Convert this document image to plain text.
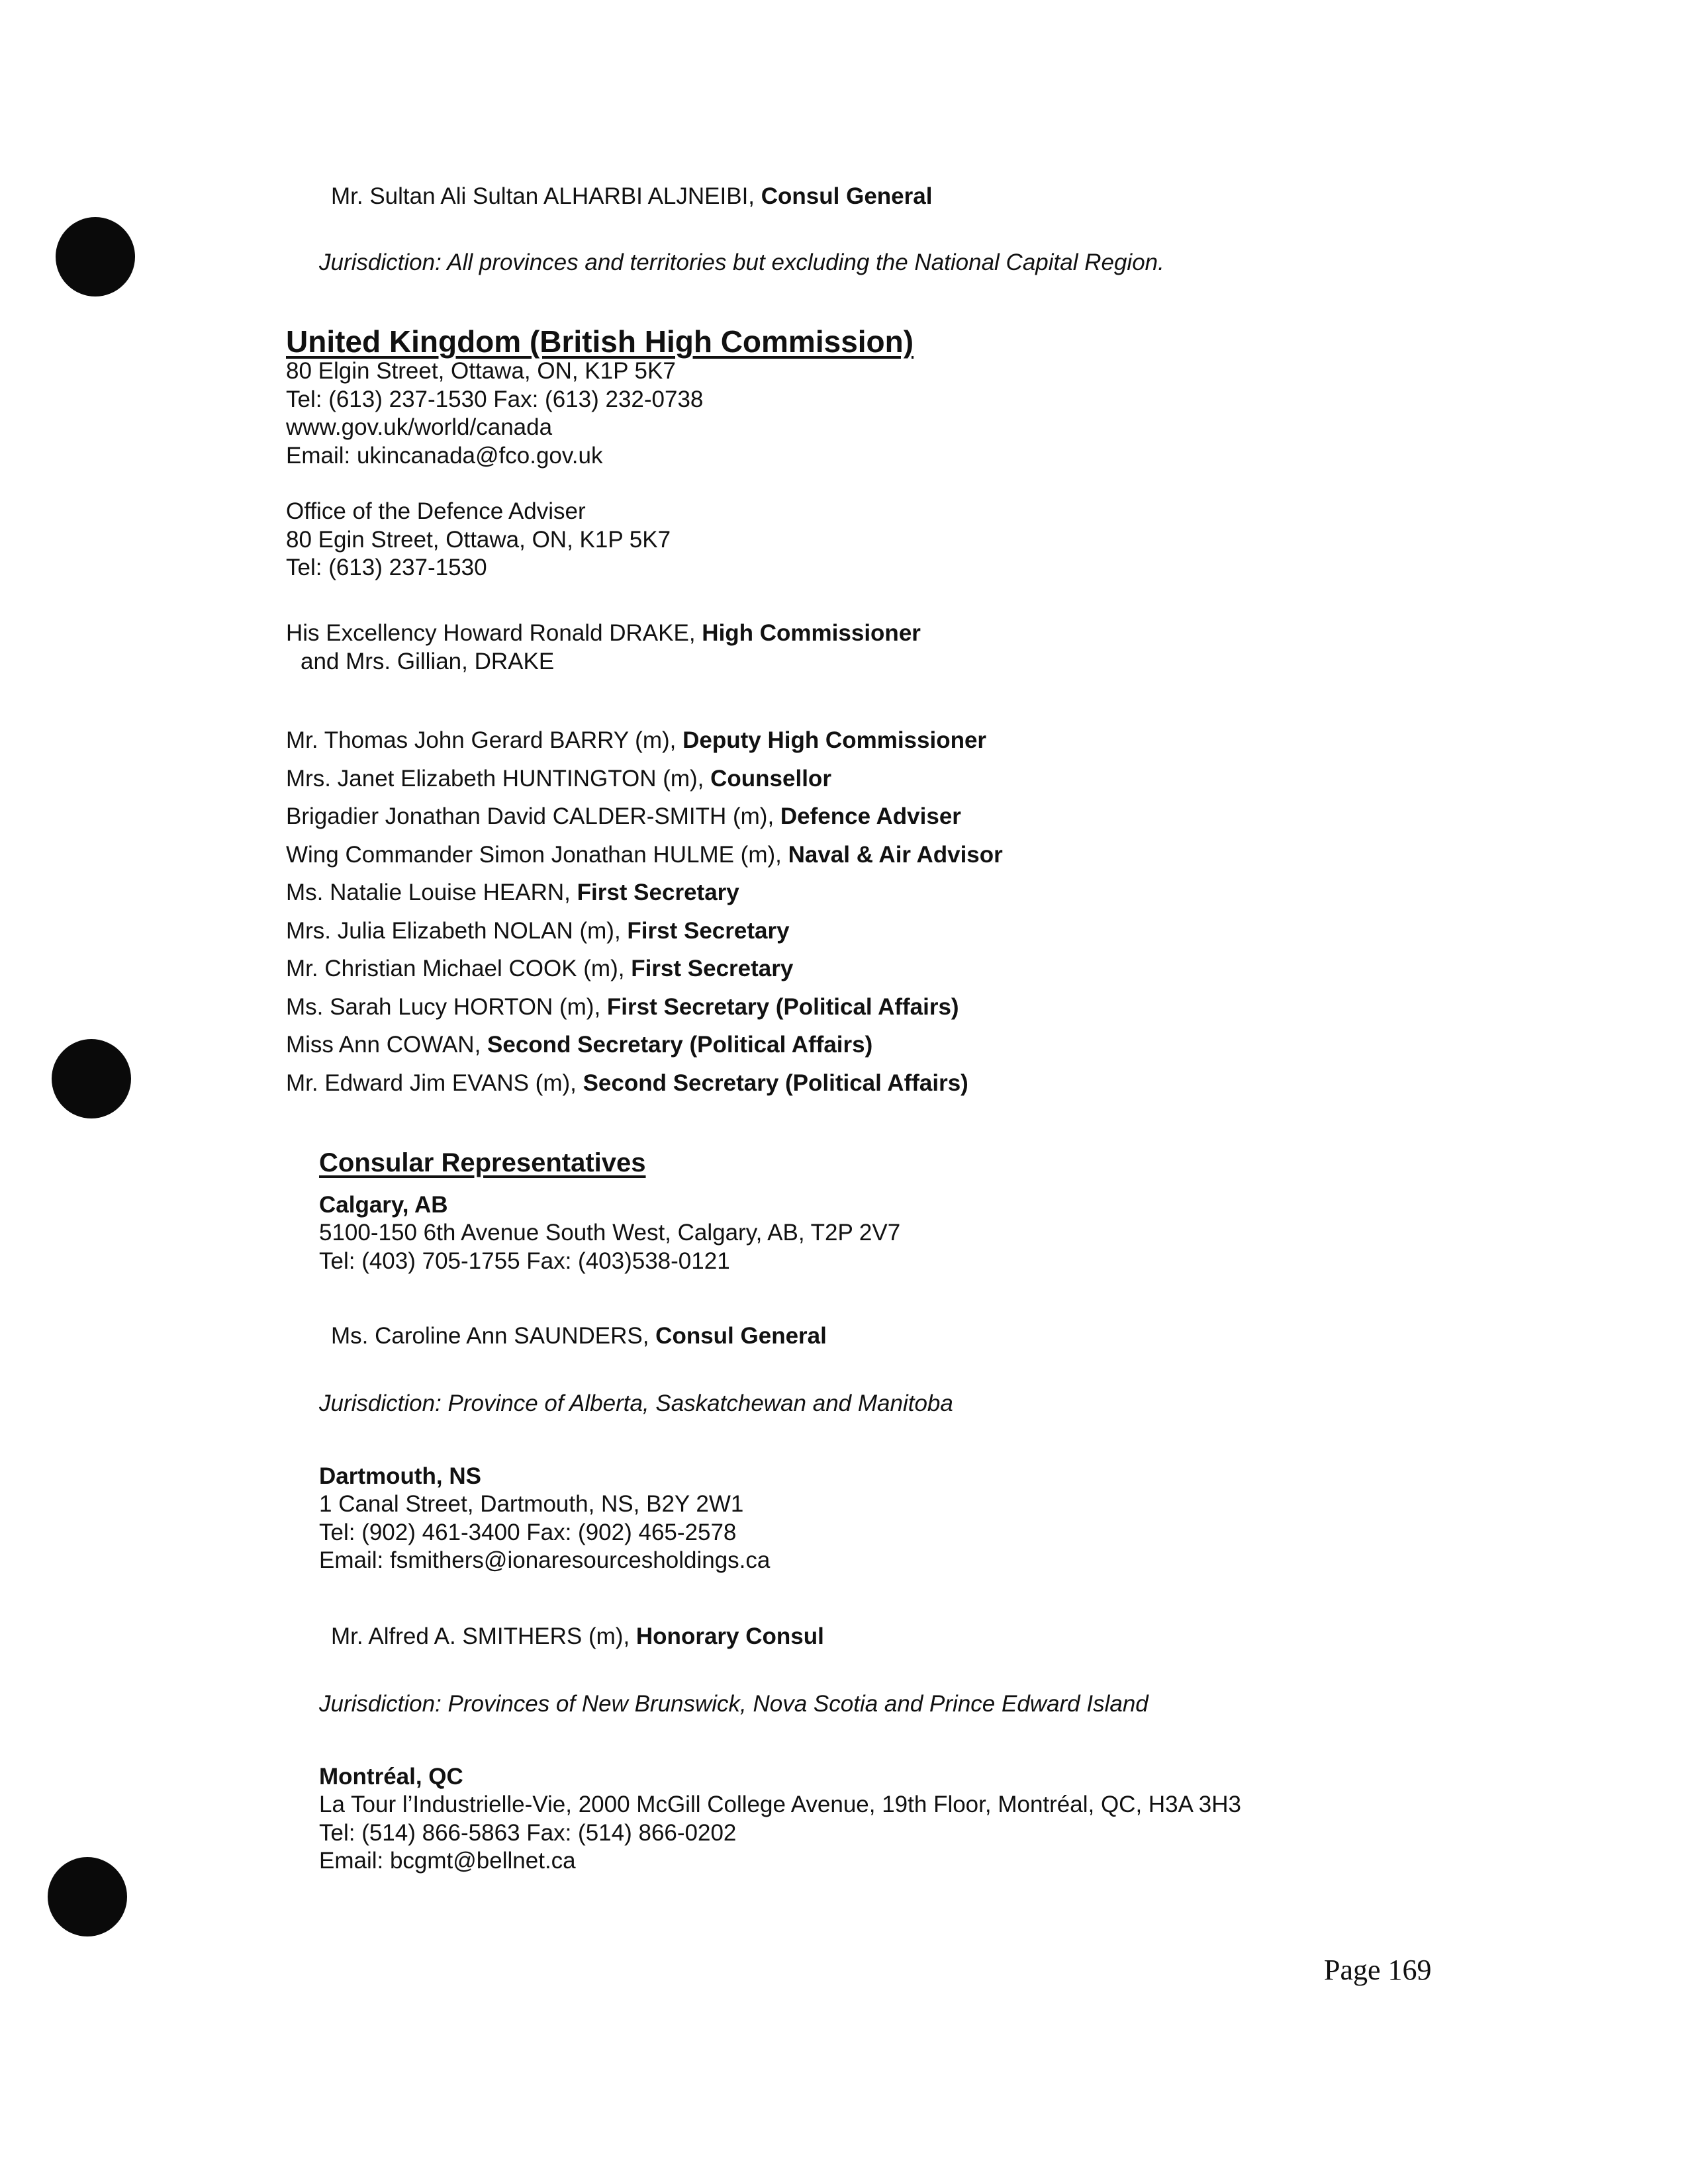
Mr. Sultan Ali Sultan ALHARBI ALJNEIBI, Consul General
Jurisdiction: All provinces and territories but excluding the National Capital Region.
United Kingdom (British High Commission)
80 Elgin Street, Ottawa, ON, K1P 5K7
Tel: (613) 237-1530 Fax: (613) 232-0738
www.gov.uk/world/canada
Email: ukincanada@fco.gov.uk
Office of the Defence Adviser
80 Egin Street, Ottawa, ON, K1P 5K7
Tel: (613) 237-1530
His Excellency Howard Ronald DRAKE, High Commissioner
and Mrs. Gillian, DRAKE
Mr. Thomas John Gerard BARRY (m), Deputy High Commissioner
Mrs. Janet Elizabeth HUNTINGTON (m), Counsellor
Brigadier Jonathan David CALDER-SMITH (m), Defence Adviser
Wing Commander Simon Jonathan HULME (m), Naval & Air Advisor
Ms. Natalie Louise HEARN, First Secretary
Mrs. Julia Elizabeth NOLAN (m), First Secretary
Mr. Christian Michael COOK (m), First Secretary
Ms. Sarah Lucy HORTON (m), First Secretary (Political Affairs)
Miss Ann COWAN, Second Secretary (Political Affairs)
Mr. Edward Jim EVANS (m), Second Secretary (Political Affairs)
Consular Representatives
Calgary, AB
5100-150 6th Avenue South West, Calgary, AB, T2P 2V7
Tel: (403) 705-1755 Fax: (403)538-0121
Ms. Caroline Ann SAUNDERS, Consul General
Jurisdiction: Province of Alberta, Saskatchewan and Manitoba
Dartmouth, NS
1 Canal Street, Dartmouth, NS, B2Y 2W1
Tel: (902) 461-3400 Fax: (902) 465-2578
Email: fsmithers@ionaresourcesholdings.ca
Mr. Alfred A. SMITHERS (m), Honorary Consul
Jurisdiction: Provinces of New Brunswick, Nova Scotia and Prince Edward Island
Montréal, QC
La Tour l’Industrielle-Vie, 2000 McGill College Avenue, 19th Floor, Montréal, QC, H3A 3H3
Tel: (514) 866-5863 Fax: (514) 866-0202
Email: bcgmt@bellnet.ca
Page 169
